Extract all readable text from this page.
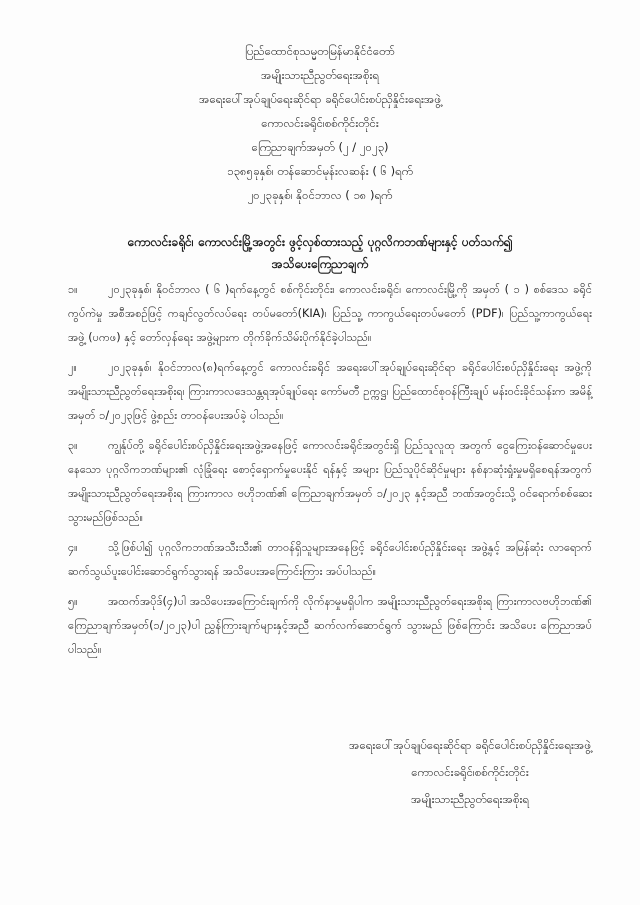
ပြည်ထောင်စုသမ္မတမြန်မာနိုင်ငံတော်
အမျိုးသားညီညွတ်ရေးအစိုးရ
အရေးပေါ်အုပ်ချုပ်ရေးဆိုင်ရာ ခရိုင်ပေါင်းစပ်ညှိနှိုင်းရေးအဖွဲ့
ကောလင်းခရိုင်၊စစ်ကိုင်းတိုင်း
ကြေညာချက်အမှတ် (၂ / ၂၀၂၃)
၁၃၈၅ခုနှစ်၊ တန်ဆောင်မုန်းလဆန်း ( ၆ )ရက်
၂၀၂၃ခုနှစ်၊ နိုဝင်ဘာလ ( ၁၈ )ရက်
ကောလင်းခရိုင်၊ ကောလင်းမြို့အတွင်း ဖွင့်လှစ်ထားသည့် ပုဂ္ဂလိကဘဏ်များနှင့် ပတ်သက်၍
အသိပေးကြေညာချက်
၁။	၂၀၂၃ခုနှစ်၊ နိုဝင်ဘာလ ( ၆ )ရက်နေ့တွင် စစ်ကိုင်းတိုင်း၊ ကောလင်းခရိုင်၊ ကောလင်းမြို့ကို အမှတ် ( ၁ ) စစ်ဒေသ ခရိုင်ကွပ်ကဲမှု အစီအစဉ်ဖြင့် ကချင်လွတ်လပ်ရေး တပ်မတော်(KIA)၊ ပြည်သူ့ ကာကွယ်ရေးတပ်မတော် (PDF)၊ ပြည်သူ့ကာကွယ်ရေးအဖွဲ့ (ပကဖ) နှင့် တော်လှန်ရေး အဖွဲ့များက တိုက်ခိုက်သိမ်းပိုက်နိုင်ခဲ့ပါသည်။
၂။	၂၀၂၃ခုနှစ်၊ နိုဝင်ဘာလ(၈)ရက်နေ့တွင် ကောလင်းခရိုင် အရေးပေါ်အုပ်ချုပ်ရေးဆိုင်ရာ ခရိုင်ပေါင်းစပ်ညှိနှိုင်းရေး အဖွဲ့ကို အမျိုးသားညီညွတ်ရေးအစိုးရ၊ ကြားကာလဒေသန္တရအုပ်ချုပ်ရေး ကော်မတီ ဥက္ကဋ္ဌ၊ ပြည်ထောင်စုဝန်ကြီးချုပ် မန်းဝင်းခိုင်သန်းက အမိန့်အမှတ် ၁/၂၀၂၃ဖြင့် ဖွဲ့စည်း တာဝန်ပေးအပ်ခဲ့ ပါသည်။
၃။	ကျွန်ုပ်တို့ ခရိုင်ပေါင်းစပ်ညှိနှိုင်းရေးအဖွဲ့အနေဖြင့် ကောလင်းခရိုင်အတွင်းရှိ ပြည်သူလူထု အတွက် ငွေကြေးဝန်ဆောင်မှုပေးနေသော ပုဂ္ဂလိကဘဏ်များ၏ လုံခြုံရေး စောင့်ရှောက်မှုပေးနိုင် ရန်နှင့် အများ ပြည်သူပိုင်ဆိုင်မှုများ နစ်နာဆုံးရှုံးမှုမရှိစေရန်အတွက် အမျိုးသားညီညွတ်ရေးအစိုးရ ကြားကာလ ဗဟိုဘဏ်၏ ကြေညာချက်အမှတ် ၁/၂၀၂၃ နှင့်အညီ ဘဏ်အတွင်းသို့ ဝင်ရောက်စစ်ဆေးသွားမည်ဖြစ်သည်။
၄။	သို့ဖြစ်ပါ၍ ပုဂ္ဂလိကဘဏ်အသီးသီး၏ တာဝန်ရှိသူများအနေဖြင့် ခရိုင်ပေါင်းစပ်ညှိနှိုင်းရေး အဖွဲ့နှင့် အမြန်ဆုံး လာရောက်ဆက်သွယ်ပူးပေါင်းဆောင်ရွက်သွားရန် အသိပေးအကြောင်းကြား အပ်ပါသည်။
၅။	အထက်အပိုဒ်(၄)ပါ အသိပေးအကြောင်းချက်ကို လိုက်နာမှုမရှိပါက အမျိုးသားညီညွတ်ရေးအစိုးရ ကြားကာလဗဟိုဘဏ်၏ ကြေညာချက်အမှတ်(၁/၂၀၂၃)ပါ ညွှန်ကြားချက်များနှင့်အညီ ဆက်လက်ဆောင်ရွက် သွားမည် ဖြစ်ကြောင်း အသိပေး ကြေညာအပ်ပါသည်။
အရေးပေါ်အုပ်ချုပ်ရေးဆိုင်ရာ ခရိုင်ပေါင်းစပ်ညှိနှိုင်းရေးအဖွဲ့
ကောလင်းခရိုင်၊စစ်ကိုင်းတိုင်း
အမျိုးသားညီညွတ်ရေးအစိုးရ
